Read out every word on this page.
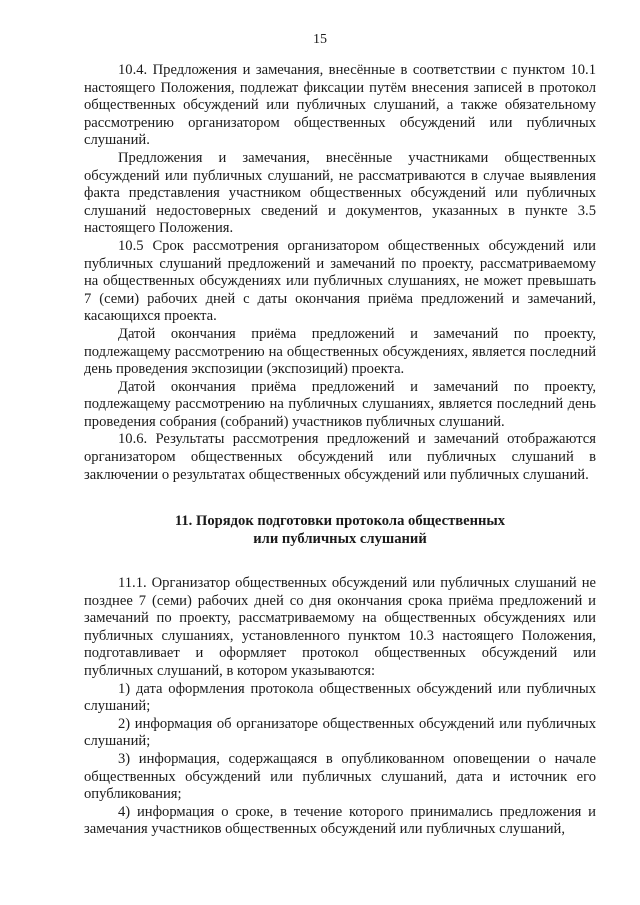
15

10.4. Предложения и замечания, внесённые в соответствии с пунктом 10.1 настоящего Положения, подлежат фиксации путём внесения записей в протокол общественных обсуждений или публичных слушаний, а также обязательному рассмотрению организатором общественных обсуждений или публичных слушаний.

Предложения и замечания, внесённые участниками общественных обсуждений или публичных слушаний, не рассматриваются в случае выявления факта представления участником общественных обсуждений или публичных слушаний недостоверных сведений и документов, указанных в пункте 3.5 настоящего Положения.

10.5 Срок рассмотрения организатором общественных обсуждений или публичных слушаний предложений и замечаний по проекту, рассматриваемому на общественных обсуждениях или публичных слушаниях, не может превышать 7 (семи) рабочих дней с даты окончания приёма предложений и замечаний, касающихся проекта.

Датой окончания приёма предложений и замечаний по проекту, подлежащему рассмотрению на общественных обсуждениях, является последний день проведения экспозиции (экспозиций) проекта.

Датой окончания приёма предложений и замечаний по проекту, подлежащему рассмотрению на публичных слушаниях, является последний день проведения собрания (собраний) участников публичных слушаний.

10.6. Результаты рассмотрения предложений и замечаний отображаются организатором общественных обсуждений или публичных слушаний в заключении о результатах общественных обсуждений или публичных слушаний.

11. Порядок подготовки протокола общественных

или публичных слушаний

11.1. Организатор общественных обсуждений или публичных слушаний не позднее 7 (семи) рабочих дней со дня окончания срока приёма предложений и замечаний по проекту, рассматриваемому на общественных обсуждениях или публичных слушаниях, установленного пунктом 10.3 настоящего Положения, подготавливает и оформляет протокол общественных обсуждений или публичных слушаний, в котором указываются:

1) дата оформления протокола общественных обсуждений или публичных слушаний;

2) информация об организаторе общественных обсуждений или публичных слушаний;

3) информация, содержащаяся в опубликованном оповещении о начале общественных обсуждений или публичных слушаний, дата и источник его опубликования;

4) информация о сроке, в течение которого принимались предложения и замечания участников общественных обсуждений или публичных слушаний,
